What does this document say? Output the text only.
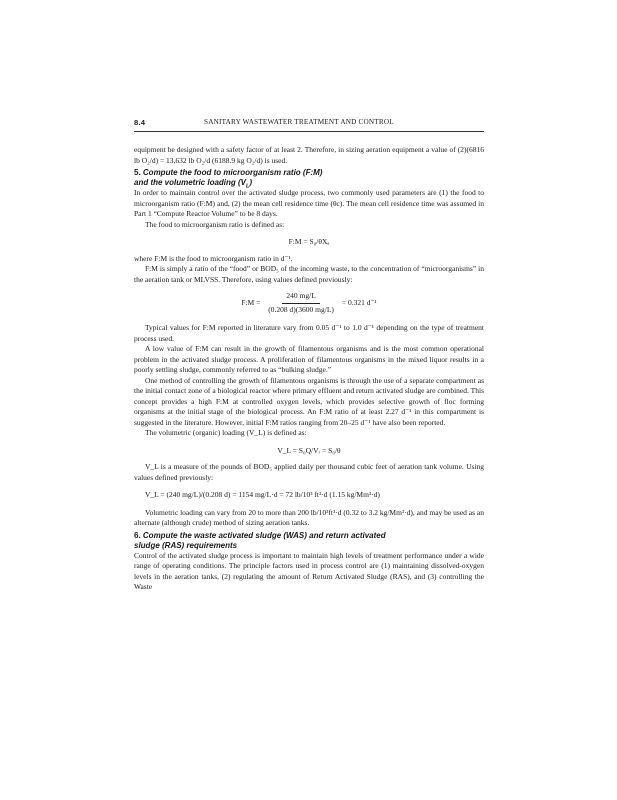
8.4	SANITARY WASTEWATER TREATMENT AND CONTROL

equipment be designed with a safety factor of at least 2. Therefore, in sizing aeration equipment a value of (2)(6816 lb O₂/d) = 13,632 lb O₂/d (6188.9 kg O₂/d) is used.

5. Compute the food to microorganism ratio (F:M)
and the volumetric loading $(V_L)$

In order to maintain control over the activated sludge process, two commonly used parameters are (1) the food to microorganism ratio (F:M) and, (2) the mean cell residence time (θc). The mean cell residence time was assumed in Part 1 “Compute Reactor Volume” to be 8 days.

The food to microorganism ratio is defined as:

F:M = S₀/θXₐ

where F:M is the food to microorganism ratio in d⁻¹.

F:M is simply a ratio of the “food” or BOD₅ of the incoming waste, to the concentration of “microorganisms” in the aeration tank or MLVSS. Therefore, using values defined previously:

F:M = $\frac{240 mg/L}{(0.208 d)(3600 mg/L)} = 0.321$ d⁻¹

Typical values for F:M reported in literature vary from 0.05 d⁻¹ to 1.0 d⁻¹ depending on the type of treatment process used.

A low value of F:M can result in the growth of filamentous organisms and is the most common operational problem in the activated sludge process. A proliferation of filamentous organisms in the mixed liquor results in a poorly settling sludge, commonly referred to as “bulking sludge.”

One method of controlling the growth of filamentous organisms is through the use of a separate compartment as the initial contact zone of a biological reactor where primary effluent and return activated sludge are combined. This concept provides a high F:M at controlled oxygen levels, which provides selective growth of floc forming organisms at the initial stage of the biological process. An F:M ratio of at least 2.27 d⁻¹ in this compartment is suggested in the literature. However, initial F:M ratios ranging from 20–25 d⁻¹ have also been reported.

The volumetric (organic) loading (V_L) is defined as:

V_L = S₀Q/Vᵣ = S₀/θ

V_L is a measure of the pounds of BOD₅ applied daily per thousand cubic feet of aeration tank volume. Using values defined previously:

V_L = (240 mg/L)/(0.208 d) = 1154 mg/L·d = 72 lb/10³ ft³·d (1.15 kg/Mm³·d)

Volumetric loading can vary from 20 to more than 200 lb/10³ft³·d (0.32 to 3.2 kg/Mm³·d), and may be used as an alternate (although crude) method of sizing aeration tanks.

6. Compute the waste activated sludge (WAS) and return activated
sludge (RAS) requirements

Control of the activated sludge process is important to maintain high levels of treatment performance under a wide range of operating conditions. The principle factors used in process control are (1) maintaining dissolved-oxygen levels in the aeration tanks, (2) regulating the amount of Return Activated Sludge (RAS), and (3) controlling the Waste
